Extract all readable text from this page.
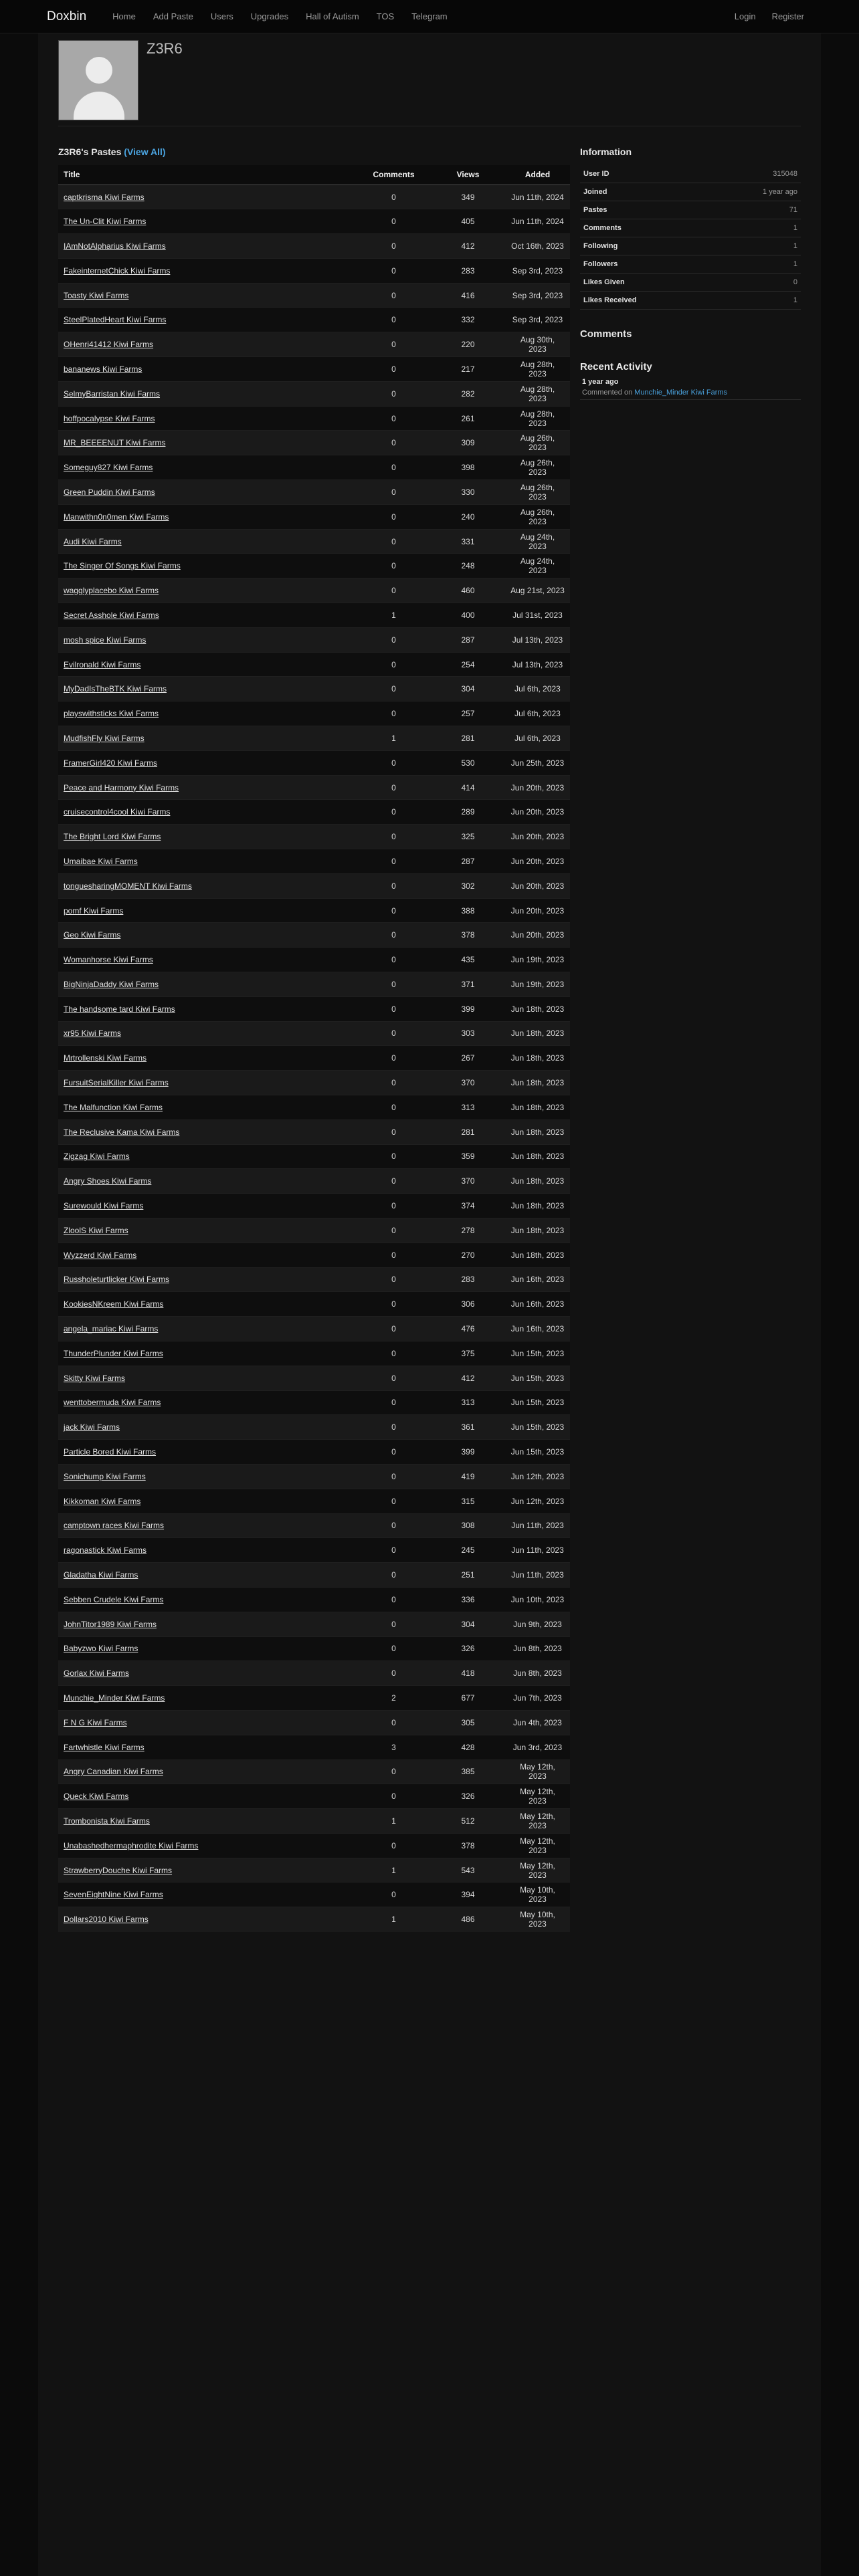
Doxbin	Home	Add Paste	Users	Upgrades	Hall of Autism	TOS	Telegram	Login	Register
Z3R6
Z3R6's Pastes (View All)
Title	Comments	Views	Added
captkrisma Kiwi Farms	0	349	Jun 11th, 2024
The Un-Clit Kiwi Farms	0	405	Jun 11th, 2024
IAmNotAlpharius Kiwi Farms	0	412	Oct 16th, 2023
FakeinternetChick Kiwi Farms	0	283	Sep 3rd, 2023
Toasty Kiwi Farms	0	416	Sep 3rd, 2023
SteelPlatedHeart Kiwi Farms	0	332	Sep 3rd, 2023
OHenri41412 Kiwi Farms	0	220	Aug 30th, 2023
bananews Kiwi Farms	0	217	Aug 28th, 2023
SelmyBarristan Kiwi Farms	0	282	Aug 28th, 2023
hoffpocalypse Kiwi Farms	0	261	Aug 28th, 2023
MR_BEEEENUT Kiwi Farms	0	309	Aug 26th, 2023
Someguy827 Kiwi Farms	0	398	Aug 26th, 2023
Green Puddin Kiwi Farms	0	330	Aug 26th, 2023
Manwithn0n0men Kiwi Farms	0	240	Aug 26th, 2023
Audi Kiwi Farms	0	331	Aug 24th, 2023
The Singer Of Songs Kiwi Farms	0	248	Aug 24th, 2023
wagglyplacebo Kiwi Farms	0	460	Aug 21st, 2023
Secret Asshole Kiwi Farms	1	400	Jul 31st, 2023
mosh spice Kiwi Farms	0	287	Jul 13th, 2023
Evilronald Kiwi Farms	0	254	Jul 13th, 2023
MyDadIsTheBTK Kiwi Farms	0	304	Jul 6th, 2023
playswithsticks Kiwi Farms	0	257	Jul 6th, 2023
MudfishFly Kiwi Farms	1	281	Jul 6th, 2023
FramerGirl420 Kiwi Farms	0	530	Jun 25th, 2023
Peace and Harmony Kiwi Farms	0	414	Jun 20th, 2023
cruisecontrol4cool Kiwi Farms	0	289	Jun 20th, 2023
The Bright Lord Kiwi Farms	0	325	Jun 20th, 2023
Umaibae Kiwi Farms	0	287	Jun 20th, 2023
tonguesharingMOMENT Kiwi Farms	0	302	Jun 20th, 2023
pomf Kiwi Farms	0	388	Jun 20th, 2023
Geo Kiwi Farms	0	378	Jun 20th, 2023
Womanhorse Kiwi Farms	0	435	Jun 19th, 2023
BigNinjaDaddy Kiwi Farms	0	371	Jun 19th, 2023
The handsome tard Kiwi Farms	0	399	Jun 18th, 2023
xr95 Kiwi Farms	0	303	Jun 18th, 2023
Mrtrollenski Kiwi Farms	0	267	Jun 18th, 2023
FursuitSerialKiller Kiwi Farms	0	370	Jun 18th, 2023
The Malfunction Kiwi Farms	0	313	Jun 18th, 2023
The Reclusive Kama Kiwi Farms	0	281	Jun 18th, 2023
Zigzag Kiwi Farms	0	359	Jun 18th, 2023
Angry Shoes Kiwi Farms	0	370	Jun 18th, 2023
Surewould Kiwi Farms	0	374	Jun 18th, 2023
ZloolS Kiwi Farms	0	278	Jun 18th, 2023
Wyzzerd Kiwi Farms	0	270	Jun 18th, 2023
Russholeturtlicker Kiwi Farms	0	283	Jun 16th, 2023
KookiesNKreem Kiwi Farms	0	306	Jun 16th, 2023
angela_mariac Kiwi Farms	0	476	Jun 16th, 2023
ThunderPlunder Kiwi Farms	0	375	Jun 15th, 2023
Skitty Kiwi Farms	0	412	Jun 15th, 2023
wenttobermuda Kiwi Farms	0	313	Jun 15th, 2023
jack Kiwi Farms	0	361	Jun 15th, 2023
Particle Bored Kiwi Farms	0	399	Jun 15th, 2023
Sonichump Kiwi Farms	0	419	Jun 12th, 2023
Kikkoman Kiwi Farms	0	315	Jun 12th, 2023
camptown races Kiwi Farms	0	308	Jun 11th, 2023
ragonastick Kiwi Farms	0	245	Jun 11th, 2023
Gladatha Kiwi Farms	0	251	Jun 11th, 2023
Sebben Crudele Kiwi Farms	0	336	Jun 10th, 2023
JohnTitor1989 Kiwi Farms	0	304	Jun 9th, 2023
Babyzwo Kiwi Farms	0	326	Jun 8th, 2023
Gorlax Kiwi Farms	0	418	Jun 8th, 2023
Munchie_Minder Kiwi Farms	2	677	Jun 7th, 2023
F N G Kiwi Farms	0	305	Jun 4th, 2023
Fartwhistle Kiwi Farms	3	428	Jun 3rd, 2023
Angry Canadian Kiwi Farms	0	385	May 12th, 2023
Queck Kiwi Farms	0	326	May 12th, 2023
Trombonista Kiwi Farms	1	512	May 12th, 2023
Unabashedhermaphrodite Kiwi Farms	0	378	May 12th, 2023
StrawberryDouche Kiwi Farms	1	543	May 12th, 2023
SevenEightNine Kiwi Farms	0	394	May 10th, 2023
Dollars2010 Kiwi Farms	1	486	May 10th, 2023
Information
User ID	315048
Joined	1 year ago
Pastes	71
Comments	1
Following	1
Followers	1
Likes Given	0
Likes Received	1
Comments
Recent Activity
1 year ago
Commented on Munchie_Minder Kiwi Farms
